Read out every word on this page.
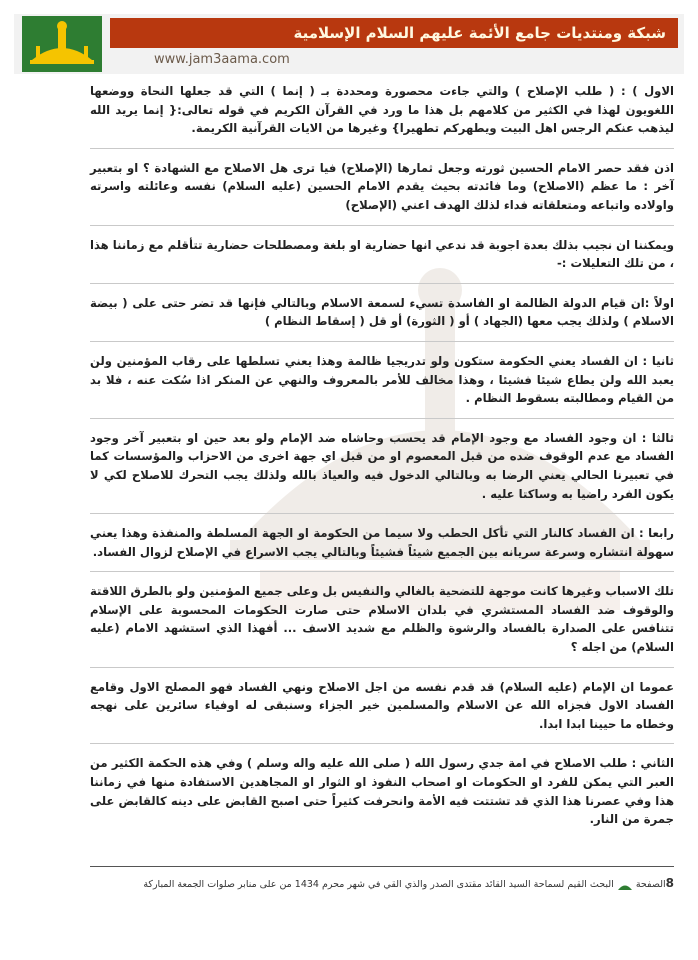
شبكة ومنتديات جامع الأئمة عليهم السلام الإسلامية
www.jam3aama.com

الاول ) : ( طلب الإصلاح ) والتي جاءت محصورة ومحددة بـ ( إنما ) التي قد جعلها النحاة ووضعها اللغويون لهذا في الكثير من كلامهم بل هذا ما ورد في القرآن الكريم في قوله تعالى:{ إنما يريد الله ليذهب عنكم الرجس اهل البيت ويطهركم تطهيرا} وغيرها من الايات القرآنية الكريمة.

اذن فقد حصر الامام الحسين ثورته وجعل ثمارها (الإصلاح) فيا ترى هل الاصلاح مع الشهادة ؟ او بتعبير آخر : ما عظم (الاصلاح) وما فائدته بحيث يقدم الامام الحسين (عليه السلام) نفسه وعائلته واسرته واولاده واتباعه ومتعلقاته فداء لذلك الهدف اعني (الإصلاح)

ويمكننا ان نجيب بذلك بعدة اجوبة قد ندعي انها حضارية او بلغة ومصطلحات حضارية تتأقلم مع زماننا هذا ، من تلك التعليلات :-

اولاً :ان قيام الدولة الظالمة او الفاسدة تسيء لسمعة الاسلام وبالتالي فإنها قد تضر حتى على ( بيضة الاسلام ) ولذلك يجب معها (الجهاد ) أو ( الثورة) أو قل ( إسقاط النظام )

ثانيا : ان الفساد يعني الحكومة ستكون ولو تدريجيا ظالمة وهذا يعني تسلطها على رقاب المؤمنين ولن يعبد الله ولن يطاع شيئا فشيئا ، وهذا مخالف للأمر بالمعروف والنهي عن المنكر اذا سُكت عنه ، فلا بد من القيام ومطالبته بسقوط النظام .

ثالثا : ان وجود الفساد مع وجود الإمام قد يحسب وحاشاه ضد الإمام ولو بعد حين او بتعبير آخر وجود الفساد مع عدم الوقوف ضده من قبل المعصوم او من قبل اي جهة اخرى من الاحزاب والمؤسسات كما في تعبيرنا الحالي يعني الرضا به وبالتالي الدخول فيه والعياذ بالله ولذلك يجب التحرك للاصلاح لكي لا يكون الفرد راضيا به وساكتا عليه .

رابعا : ان الفساد كالنار التي تأكل الحطب ولا سيما من الحكومة او الجهة المسلطة والمنفذة وهذا يعني سهولة انتشاره وسرعة سريانه بين الجميع شيئاً فشيئاً وبالتالي يجب الاسراع في الإصلاح لزوال الفساد.

تلك الاسباب وغيرها كانت موجهة للتضحية بالغالي والنفيس بل وعلى جميع المؤمنين ولو بالطرق اللاقتة والوقوف ضد الفساد المستشري في بلدان الاسلام حتى صارت الحكومات المحسوبة على الإسلام تتنافس على الصدارة بالفساد والرشوة والظلم مع شديد الاسف ... أفهذا الذي استشهد الامام (عليه السلام) من اجله ؟

عموما ان الإمام (عليه السلام) قد قدم نفسه من اجل الاصلاح ونهي الفساد فهو المصلح الاول وقامع الفساد الاول فجزاه الله عن الاسلام والمسلمين خير الجزاء وسنبقى له اوفياء سائرين على نهجه وخطاه ما حيينا ابدا ابدا.

الثاني : طلب الاصلاح في امة جدي رسول الله ( صلى الله عليه واله وسلم ) وفي هذه الحكمة الكثير من العبر التي يمكن للفرد او الحكومات او اصحاب النفوذ او الثوار او المجاهدين الاستفادة منها في زماننا هذا وفي عصرنا هذا الذي قد تشتتت فيه الأمة وانحرفت كثيراً حتى اصبح القابض على دينه كالقابض على جمرة من النار.

8الصفحة  البحث القيم لسماحة السيد القائد مقتدى الصدر والذي القي في شهر محرم 1434 من على منابر صلوات الجمعة المباركة
